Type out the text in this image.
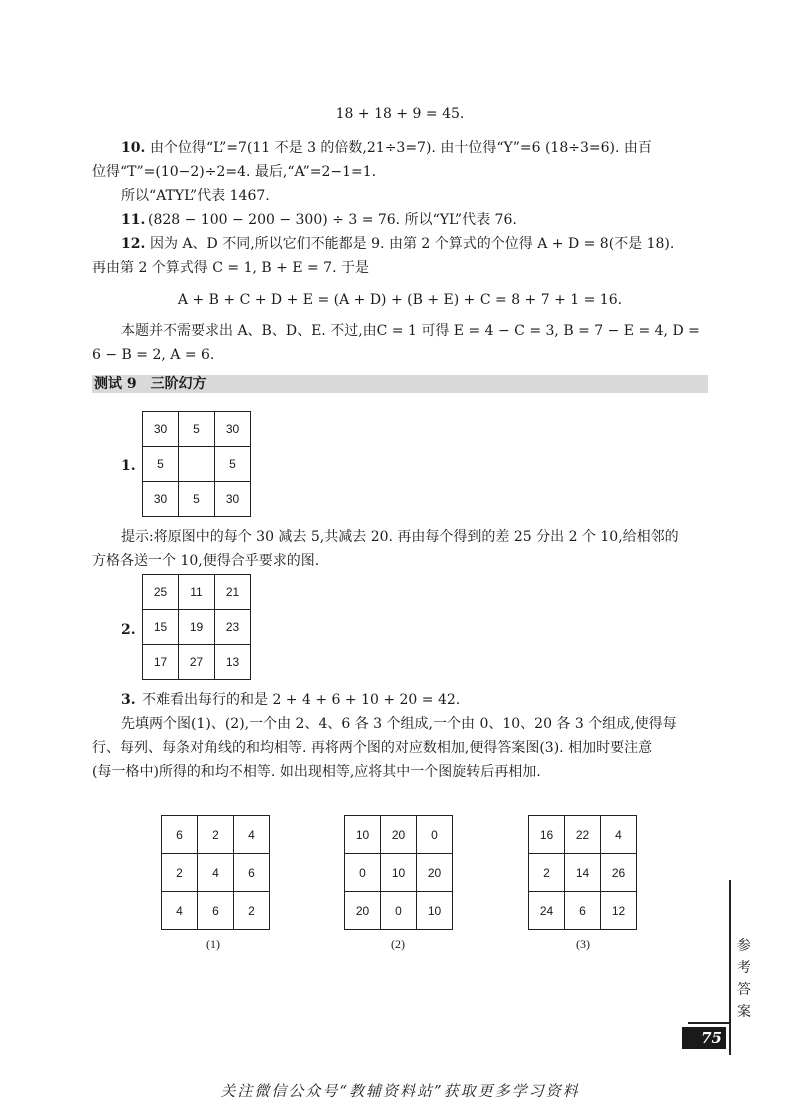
18 + 18 + 9 = 45.
10. 由个位得“L”=7(11 不是 3 的倍数,21÷3=7). 由十位得“Y”=6 (18÷3=6). 由百
位得“T”=(10−2)÷2=4. 最后,“A”=2−1=1.
所以“ATYL”代表 1467.
11. (828 − 100 − 200 − 300) ÷ 3 = 76. 所以“YL”代表 76.
12. 因为 A、D 不同,所以它们不能都是 9. 由第 2 个算式的个位得 A + D = 8(不是 18).
再由第 2 个算式得 C = 1, B + E = 7. 于是
A + B + C + D + E = (A + D) + (B + E) + C = 8 + 7 + 1 = 16.
本题并不需要求出 A、B、D、E. 不过,由C = 1 可得 E = 4 − C = 3, B = 7 − E = 4, D =
6 − B = 2, A = 6.
测试 9　三阶幻方
1.
30	5	30
5		5
30	5	30
提示:将原图中的每个 30 减去 5,共减去 20. 再由每个得到的差 25 分出 2 个 10,给相邻的
方格各送一个 10,便得合乎要求的图.
2.
25	11	21
15	19	23
17	27	13
3. 不难看出每行的和是 2 + 4 + 6 + 10 + 20 = 42.
先填两个图(1)、(2),一个由 2、4、6 各 3 个组成,一个由 0、10、20 各 3 个组成,使得每
行、每列、每条对角线的和均相等. 再将两个图的对应数相加,便得答案图(3). 相加时要注意
(每一格中)所得的和均不相等. 如出现相等,应将其中一个图旋转后再相加.
6	2	4
2	4	6
4	6	2
(1)
10	20	0
0	10	20
20	0	10
(2)
16	22	4
2	14	26
24	6	12
(3)	参
考
答
案
75
关注微信公众号“教辅资料站”获取更多学习资料
